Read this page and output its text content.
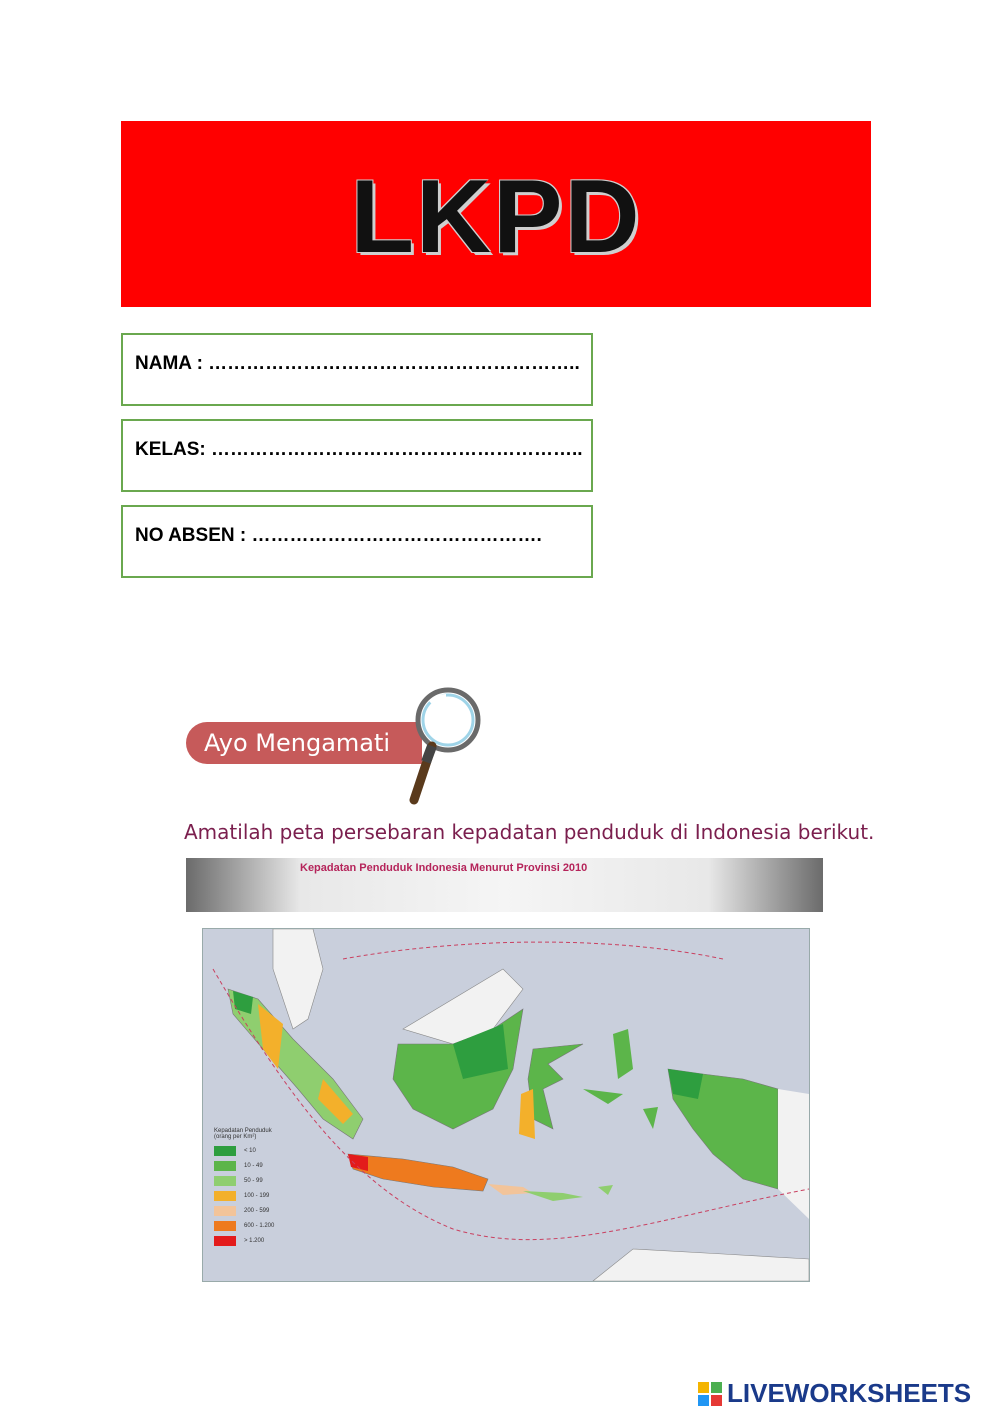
LKPD
NAMA : …………………………………………………..
KELAS: …………………………………………………..
NO ABSEN : ……………………………………….
Ayo Mengamati
Amatilah peta persebaran kepadatan penduduk di Indonesia berikut.
Kepadatan Penduduk Indonesia Menurut Provinsi 2010
Kepadatan Penduduk (orang per Km²)
< 10
10 - 49
50 - 99
100 - 199
200 - 599
600 - 1.200
> 1.200
LIVEWORKSHEETS
